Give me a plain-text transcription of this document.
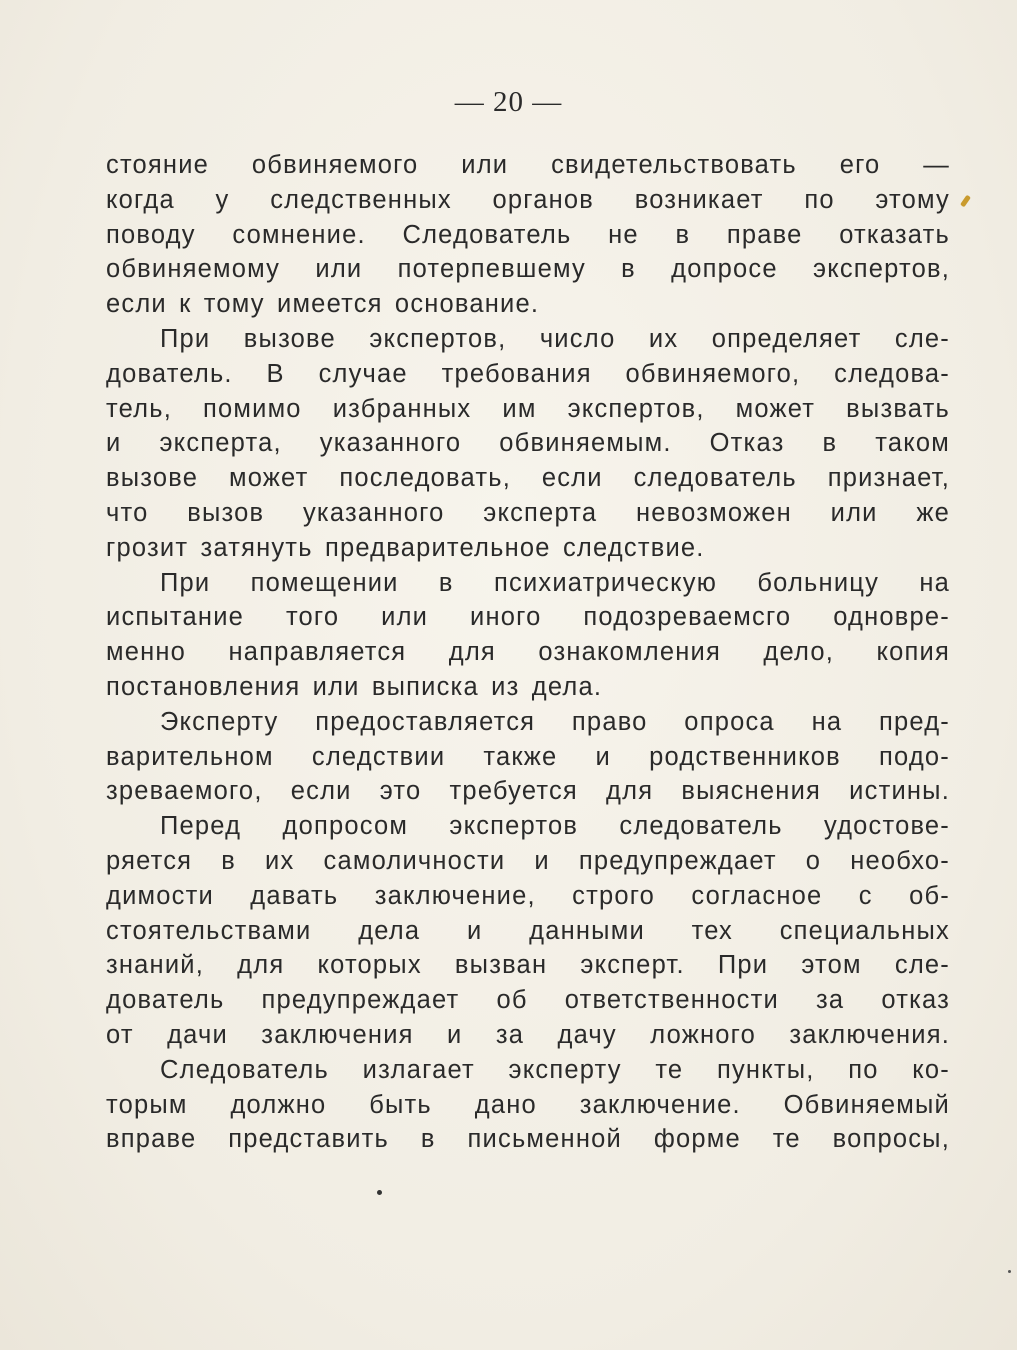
— 20 —
стояние обвиняемого или свидетельствовать его —
когда у следственных органов возникает по этому
поводу сомнение. Следователь не в праве отказать
обвиняемому или потерпевшему в допросе экспертов,
если к тому имеется основание.
При вызове экспертов, число их определяет сле-
дователь. В случае требования обвиняемого, следова-
тель, помимо избранных им экспертов, может вызвать
и эксперта, указанного обвиняемым. Отказ в таком
вызове может последовать, если следователь признает,
что вызов указанного эксперта невозможен или же
грозит затянуть предварительное следствие.
При помещении в психиатрическую больницу на
испытание того или иного подозреваемсго одновре-
менно направляется для ознакомления дело, копия
постановления или выписка из дела.
Эксперту предоставляется право опроса на пред-
варительном следствии также и родственников подо-
зреваемого, если это требуется для выяснения истины.
Перед допросом экспертов следователь удостове-
ряется в их самоличности и предупреждает о необхо-
димости давать заключение, строго согласное с об-
стоятельствами дела и данными тех специальных
знаний, для которых вызван эксперт. При этом сле-
дователь предупреждает об ответственности за отказ
от дачи заключения и за дачу ложного заключения.
Следователь излагает эксперту те пункты, по ко-
торым должно быть дано заключение. Обвиняемый
вправе представить в письменной форме те вопросы,
